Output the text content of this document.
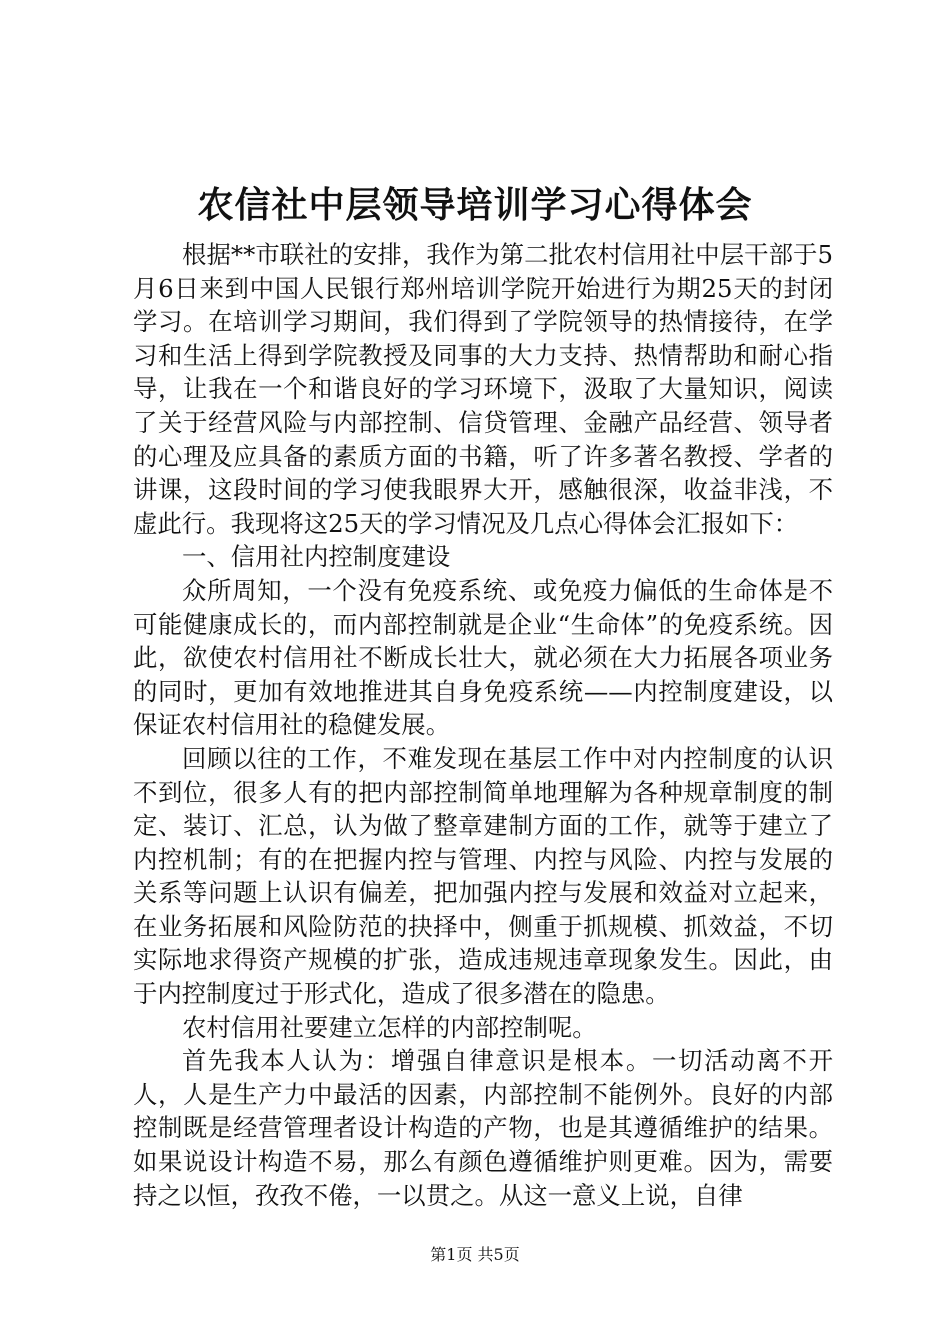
农信社中层领导培训学习心得体会

根据**市联社的安排，我作为第二批农村信用社中层干部于5月6日来到中国人民银行郑州培训学院开始进行为期25天的封闭学习。在培训学习期间，我们得到了学院领导的热情接待，在学习和生活上得到学院教授及同事的大力支持、热情帮助和耐心指导，让我在一个和谐良好的学习环境下，汲取了大量知识，阅读了关于经营风险与内部控制、信贷管理、金融产品经营、领导者的心理及应具备的素质方面的书籍，听了许多著名教授、学者的讲课，这段时间的学习使我眼界大开，感触很深，收益非浅，不虚此行。我现将这25天的学习情况及几点心得体会汇报如下：

一、信用社内控制度建设

众所周知，一个没有免疫系统、或免疫力偏低的生命体是不可能健康成长的，而内部控制就是企业“生命体”的免疫系统。因此，欲使农村信用社不断成长壮大，就必须在大力拓展各项业务的同时，更加有效地推进其自身免疫系统——内控制度建设，以保证农村信用社的稳健发展。

回顾以往的工作，不难发现在基层工作中对内控制度的认识不到位，很多人有的把内部控制简单地理解为各种规章制度的制定、装订、汇总，认为做了整章建制方面的工作，就等于建立了内控机制；有的在把握内控与管理、内控与风险、内控与发展的关系等问题上认识有偏差，把加强内控与发展和效益对立起来，在业务拓展和风险防范的抉择中，侧重于抓规模、抓效益，不切实际地求得资产规模的扩张，造成违规违章现象发生。因此，由于内控制度过于形式化，造成了很多潜在的隐患。

农村信用社要建立怎样的内部控制呢。

首先我本人认为：增强自律意识是根本。一切活动离不开人，人是生产力中最活的因素，内部控制不能例外。良好的内部控制既是经营管理者设计构造的产物，也是其遵循维护的结果。如果说设计构造不易，那么有颜色遵循维护则更难。因为，需要持之以恒，孜孜不倦，一以贯之。从这一意义上说，自律

第1页 共5页
